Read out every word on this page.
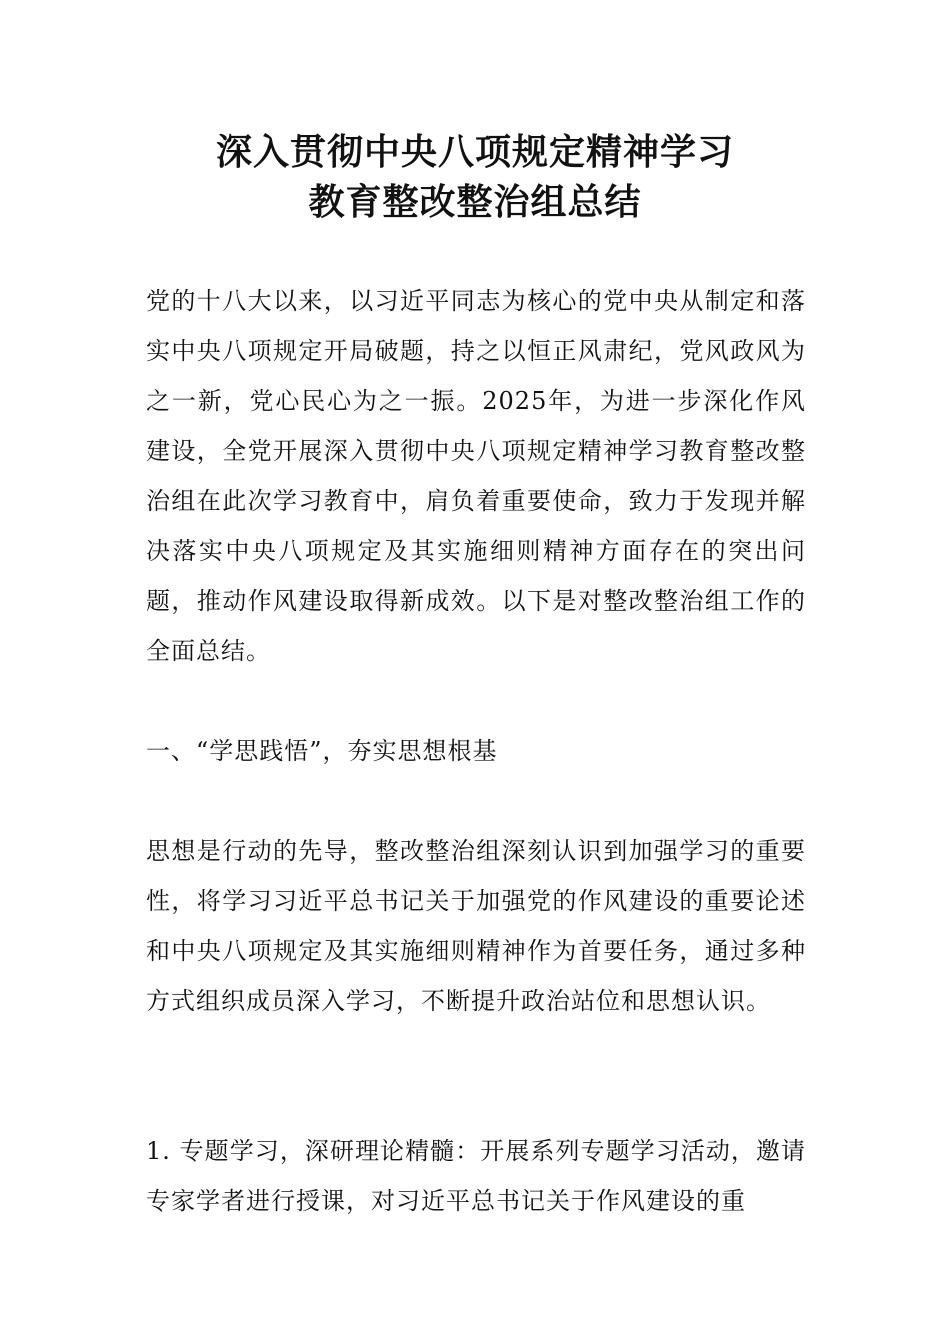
深入贯彻中央八项规定精神学习
教育整改整治组总结

党的十八大以来，以习近平同志为核心的党中央从制定和落实中央八项规定开局破题，持之以恒正风肃纪，党风政风为之一新，党心民心为之一振。2025年，为进一步深化作风建设，全党开展深入贯彻中央八项规定精神学习教育整改整治组在此次学习教育中，肩负着重要使命，致力于发现并解决落实中央八项规定及其实施细则精神方面存在的突出问题，推动作风建设取得新成效。以下是对整改整治组工作的全面总结。

一、“学思践悟”，夯实思想根基

思想是行动的先导，整改整治组深刻认识到加强学习的重要性，将学习习近平总书记关于加强党的作风建设的重要论述和中央八项规定及其实施细则精神作为首要任务，通过多种方式组织成员深入学习，不断提升政治站位和思想认识。

1. 专题学习，深研理论精髓：开展系列专题学习活动，邀请专家学者进行授课，对习近平总书记关于作风建设的重
